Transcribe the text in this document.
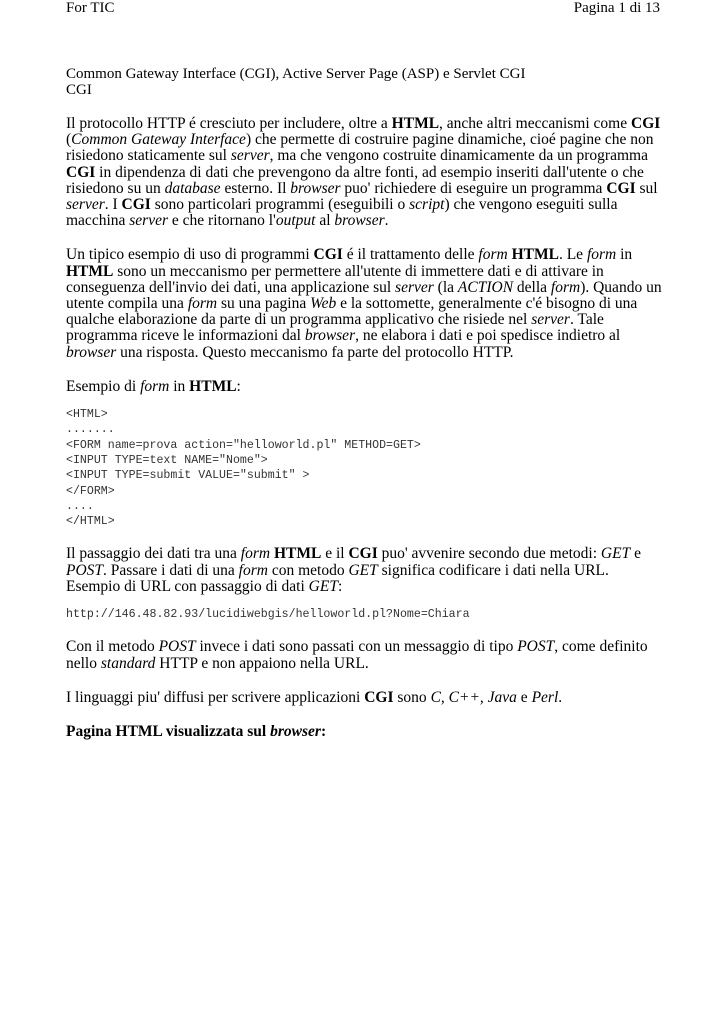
For TIC	Pagina 1 di 13
Common Gateway Interface (CGI), Active Server Page (ASP) e Servlet CGI
CGI

Il protocollo HTTP é cresciuto per includere, oltre a HTML, anche altri meccanismi come CGI (Common Gateway Interface) che permette di costruire pagine dinamiche, cioé pagine che non risiedono staticamente sul server, ma che vengono costruite dinamicamente da un programma CGI in dipendenza di dati che prevengono da altre fonti, ad esempio inseriti dall'utente o che risiedono su un database esterno. Il browser puo' richiedere di eseguire un programma CGI sul server. I CGI sono particolari programmi (eseguibili o script) che vengono eseguiti sulla macchina server e che ritornano l'output al browser.

Un tipico esempio di uso di programmi CGI é il trattamento delle form HTML. Le form in HTML sono un meccanismo per permettere all'utente di immettere dati e di attivare in conseguenza dell'invio dei dati, una applicazione sul server (la ACTION della form). Quando un utente compila una form su una pagina Web e la sottomette, generalmente c'é bisogno di una qualche elaborazione da parte di un programma applicativo che risiede nel server. Tale programma riceve le informazioni dal browser, ne elabora i dati e poi spedisce indietro al browser una risposta. Questo meccanismo fa parte del protocollo HTTP.

Esempio di form in HTML:

<HTML>
.......
<FORM name=prova action="helloworld.pl" METHOD=GET>
<INPUT TYPE=text NAME="Nome">
<INPUT TYPE=submit VALUE="submit" >
</FORM>
....
</HTML>

Il passaggio dei dati tra una form HTML e il CGI puo' avvenire secondo due metodi: GET e POST. Passare i dati di una form con metodo GET significa codificare i dati nella URL. Esempio di URL con passaggio di dati GET:

http://146.48.82.93/lucidiwebgis/helloworld.pl?Nome=Chiara

Con il metodo POST invece i dati sono passati con un messaggio di tipo POST, come definito nello standard HTTP e non appaiono nella URL.

I linguaggi piu' diffusi per scrivere applicazioni CGI sono C, C++, Java e Perl.

Pagina HTML visualizzata sul browser:
